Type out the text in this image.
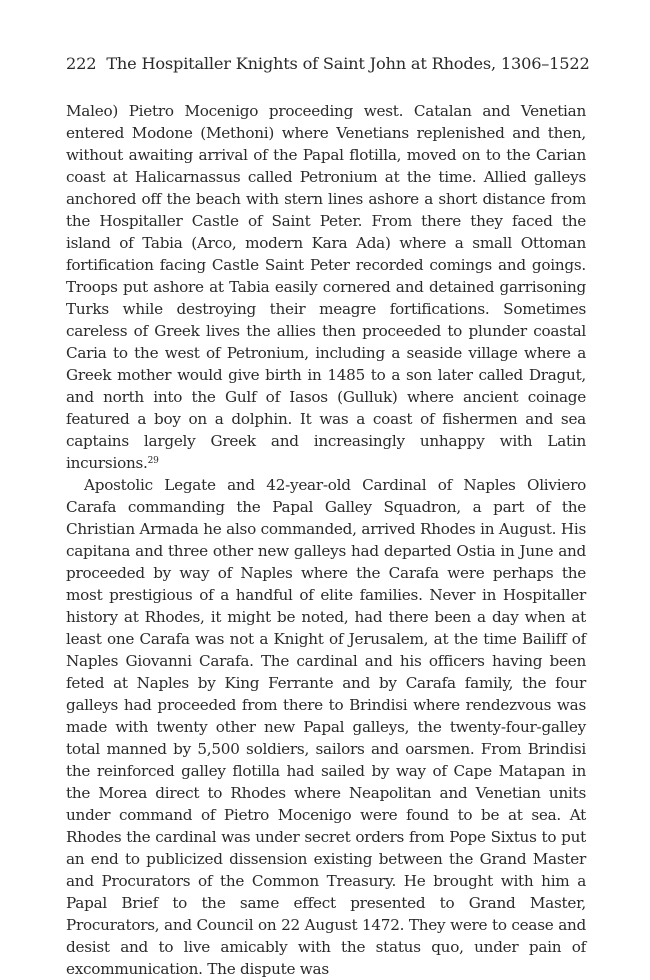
222 The Hospitaller Knights of Saint John at Rhodes, 1306–1522

Maleo) Pietro Mocenigo proceeding west. Catalan and Venetian entered Modone (Methoni) where Venetians replenished and then, without awaiting arrival of the Papal flotilla, moved on to the Carian coast at Halicarnassus called Petronium at the time. Allied galleys anchored off the beach with stern lines ashore a short distance from the Hospitaller Castle of Saint Peter. From there they faced the island of Tabia (Arco, modern Kara Ada) where a small Ottoman fortification facing Castle Saint Peter recorded comings and goings. Troops put ashore at Tabia easily cornered and detained garrisoning Turks while destroying their meagre fortifications. Sometimes careless of Greek lives the allies then proceeded to plunder coastal Caria to the west of Petronium, including a seaside village where a Greek mother would give birth in 1485 to a son later called Dragut, and north into the Gulf of Iasos (Gulluk) where ancient coinage featured a boy on a dolphin. It was a coast of fishermen and sea captains largely Greek and increasingly unhappy with Latin incursions.$^{29}$

Apostolic Legate and 42-year-old Cardinal of Naples Oliviero Carafa commanding the Papal Galley Squadron, a part of the Christian Armada he also commanded, arrived Rhodes in August. His capitana and three other new galleys had departed Ostia in June and proceeded by way of Naples where the Carafa were perhaps the most prestigious of a handful of elite families. Never in Hospitaller history at Rhodes, it might be noted, had there been a day when at least one Carafa was not a Knight of Jerusalem, at the time Bailiff of Naples Giovanni Carafa. The cardinal and his officers having been feted at Naples by King Ferrante and by Carafa family, the four galleys had proceeded from there to Brindisi where rendezvous was made with twenty other new Papal galleys, the twenty-four-galley total manned by 5,500 soldiers, sailors and oarsmen. From Brindisi the reinforced galley flotilla had sailed by way of Cape Matapan in the Morea direct to Rhodes where Neapolitan and Venetian units under command of Pietro Mocenigo were found to be at sea. At Rhodes the cardinal was under secret orders from Pope Sixtus to put an end to publicized dissension existing between the Grand Master and Procurators of the Common Treasury. He brought with him a Papal Brief to the same effect presented to Grand Master, Procurators, and Council on 22 August 1472. They were to cease and desist and to live amicably with the status quo, under pain of excommunication. The dispute was
